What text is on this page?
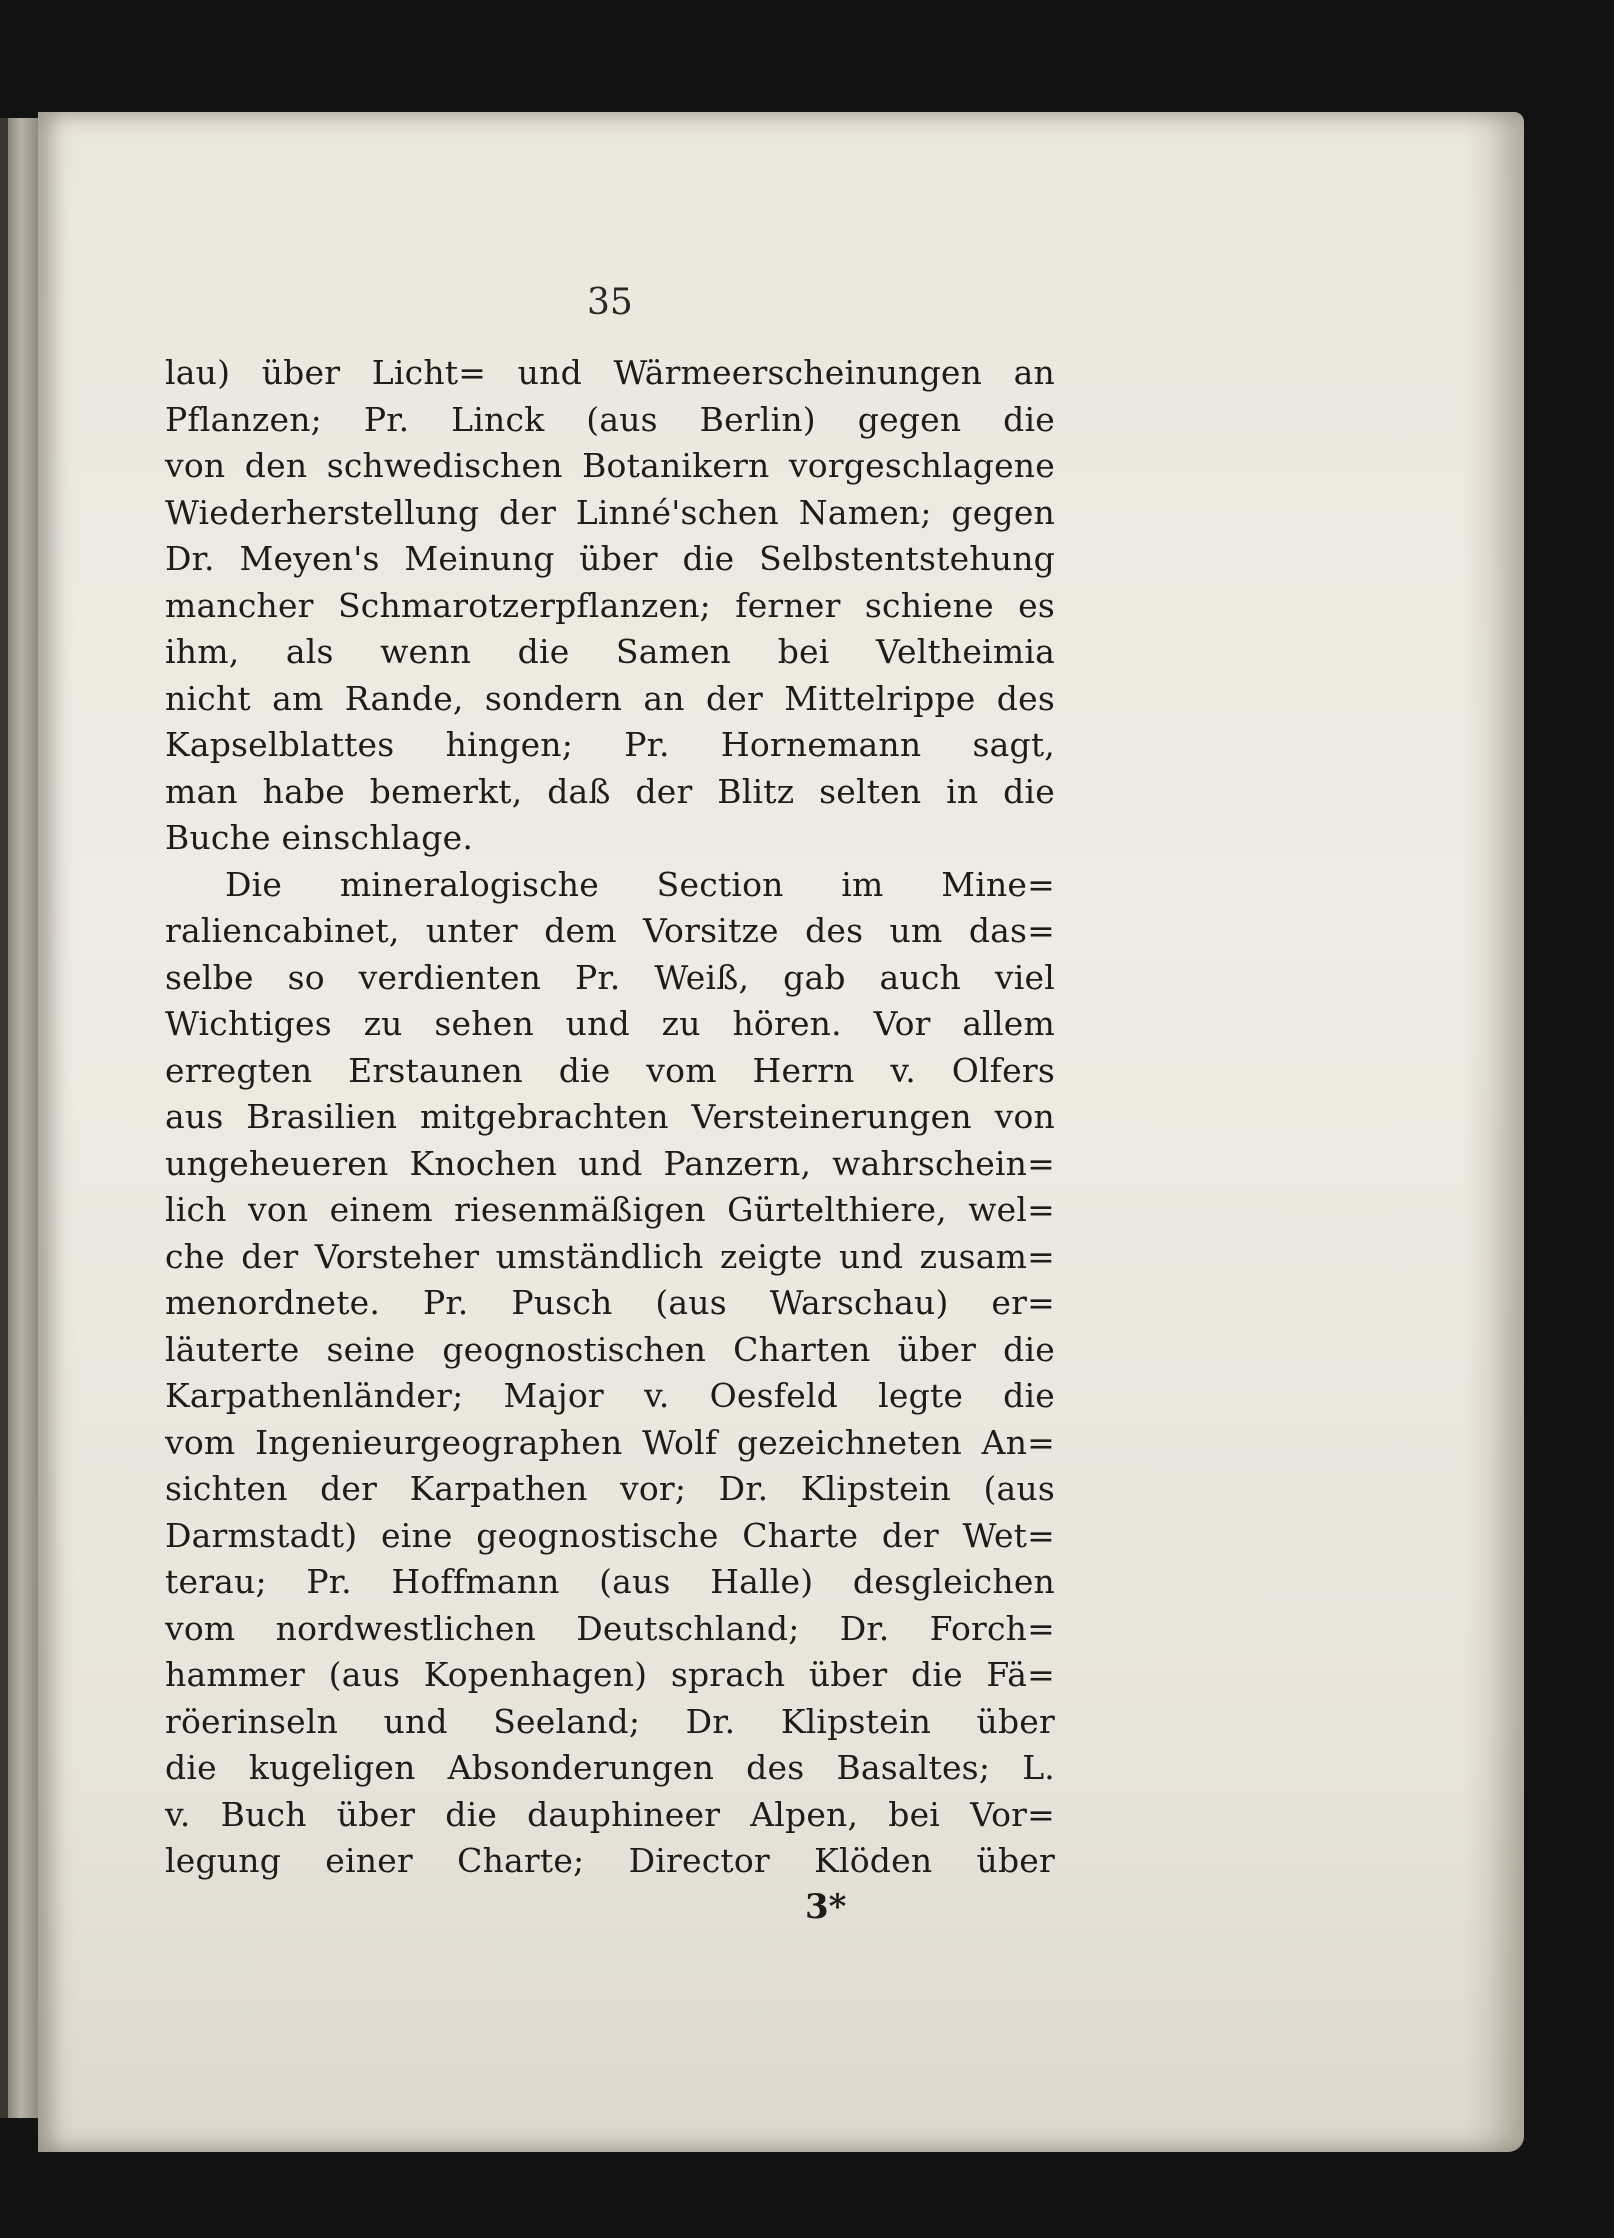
35
lau) über Licht= und Wärmeerscheinungen an
Pflanzen; Pr. Linck (aus Berlin) gegen die
von den schwedischen Botanikern vorgeschlagene
Wiederherstellung der Linné'schen Namen; gegen
Dr. Meyen's Meinung über die Selbstentstehung
mancher Schmarotzerpflanzen; ferner schiene es
ihm, als wenn die Samen bei Veltheimia
nicht am Rande, sondern an der Mittelrippe des
Kapselblattes hingen; Pr. Hornemann sagt,
man habe bemerkt, daß der Blitz selten in die
Buche einschlage.
Die mineralogische Section im Mine=
raliencabinet, unter dem Vorsitze des um das=
selbe so verdienten Pr. Weiß, gab auch viel
Wichtiges zu sehen und zu hören. Vor allem
erregten Erstaunen die vom Herrn v. Olfers
aus Brasilien mitgebrachten Versteinerungen von
ungeheueren Knochen und Panzern, wahrschein=
lich von einem riesenmäßigen Gürtelthiere, wel=
che der Vorsteher umständlich zeigte und zusam=
menordnete. Pr. Pusch (aus Warschau) er=
läuterte seine geognostischen Charten über die
Karpathenländer; Major v. Oesfeld legte die
vom Ingenieurgeographen Wolf gezeichneten An=
sichten der Karpathen vor; Dr. Klipstein (aus
Darmstadt) eine geognostische Charte der Wet=
terau; Pr. Hoffmann (aus Halle) desgleichen
vom nordwestlichen Deutschland; Dr. Forch=
hammer (aus Kopenhagen) sprach über die Fä=
röerinseln und Seeland; Dr. Klipstein über
die kugeligen Absonderungen des Basaltes; L.
v. Buch über die dauphineer Alpen, bei Vor=
legung einer Charte; Director Klöden über
3*
